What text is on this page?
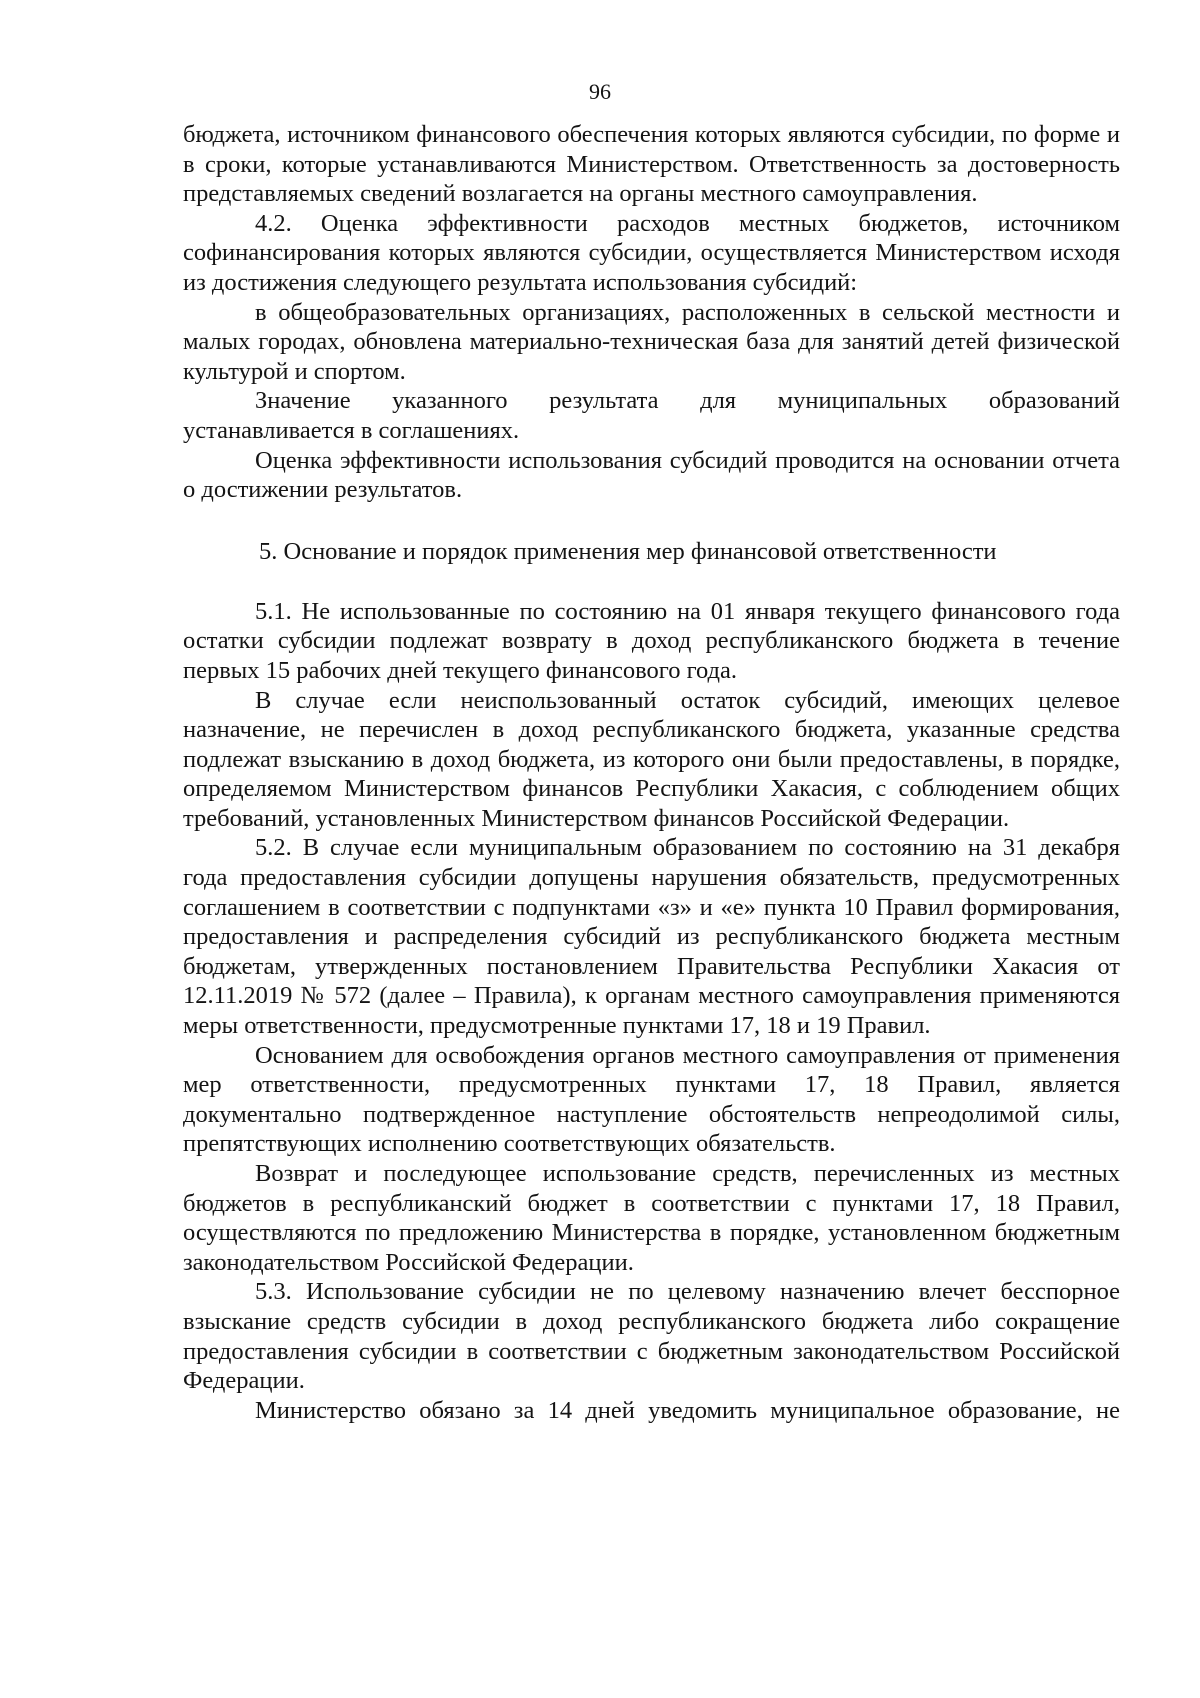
96

бюджета, источником финансового обеспечения которых являются субсидии, по форме и в сроки, которые устанавливаются Министерством. Ответственность за достоверность представляемых сведений возлагается на органы местного самоуправления.

4.2. Оценка эффективности расходов местных бюджетов, источником софинансирования которых являются субсидии, осуществляется Министерством исходя из достижения следующего результата использования субсидий:

в общеобразовательных организациях, расположенных в сельской местности и малых городах, обновлена материально-техническая база для занятий детей физической культурой и спортом.

Значение указанного результата для муниципальных образований устанавливается в соглашениях.

Оценка эффективности использования субсидий проводится на основании отчета о достижении результатов.

5. Основание и порядок применения мер финансовой ответственности

5.1. Не использованные по состоянию на 01 января текущего финансового года остатки субсидии подлежат возврату в доход республиканского бюджета в течение первых 15 рабочих дней текущего финансового года.

В случае если неиспользованный остаток субсидий, имеющих целевое назначение, не перечислен в доход республиканского бюджета, указанные средства подлежат взысканию в доход бюджета, из которого они были предоставлены, в порядке, определяемом Министерством финансов Республики Хакасия, с соблюдением общих требований, установленных Министерством финансов Российской Федерации.

5.2. В случае если муниципальным образованием по состоянию на 31 декабря года предоставления субсидии допущены нарушения обязательств, предусмотренных соглашением в соответствии с подпунктами «з» и «е» пункта 10 Правил формирования, предоставления и распределения субсидий из республиканского бюджета местным бюджетам, утвержденных постановлением Правительства Республики Хакасия от 12.11.2019 № 572 (далее – Правила), к органам местного самоуправления применяются меры ответственности, предусмотренные пунктами 17, 18 и 19 Правил.

Основанием для освобождения органов местного самоуправления от применения мер ответственности, предусмотренных пунктами 17, 18 Правил, является документально подтвержденное наступление обстоятельств непреодолимой силы, препятствующих исполнению соответствующих обязательств.

Возврат и последующее использование средств, перечисленных из местных бюджетов в республиканский бюджет в соответствии с пунктами 17, 18 Правил, осуществляются по предложению Министерства в порядке, установленном бюджетным законодательством Российской Федерации.

5.3. Использование субсидии не по целевому назначению влечет бесспорное взыскание средств субсидии в доход республиканского бюджета либо сокращение предоставления субсидии в соответствии с бюджетным законодательством Российской Федерации.

Министерство обязано за 14 дней уведомить муниципальное образование, не
